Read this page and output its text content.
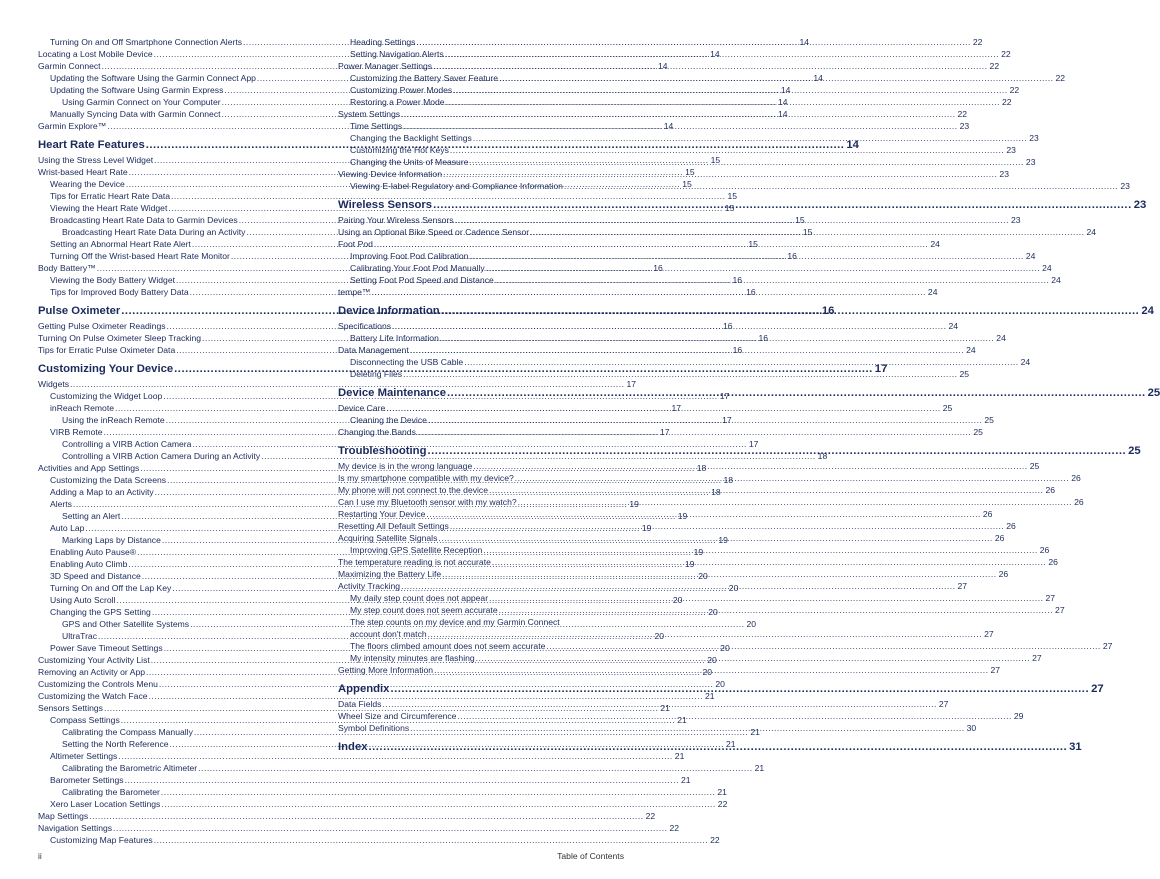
Turning On and Off Smartphone Connection Alerts .....	14
Locating a Lost Mobile Device .....	14
Garmin Connect .....	14
Updating the Software Using the Garmin Connect App .....	14
Updating the Software Using Garmin Express .....	14
Using Garmin Connect on Your Computer .....	14
Manually Syncing Data with Garmin Connect .....	14
Garmin Explore™ .....	14
Heart Rate Features .....	14
Using the Stress Level Widget .....	15
Wrist-based Heart Rate .....	15
Wearing the Device .....	15
Tips for Erratic Heart Rate Data .....	15
Viewing the Heart Rate Widget .....	15
Broadcasting Heart Rate Data to Garmin Devices .....	15
Broadcasting Heart Rate Data During an Activity .....	15
Setting an Abnormal Heart Rate Alert .....	15
Turning Off the Wrist-based Heart Rate Monitor .....	16
Body Battery™ .....	16
Viewing the Body Battery Widget .....	16
Tips for Improved Body Battery Data .....	16
Pulse Oximeter .....	16
Getting Pulse Oximeter Readings .....	16
Turning On Pulse Oximeter Sleep Tracking .....	16
Tips for Erratic Pulse Oximeter Data .....	16
Customizing Your Device .....	17
Widgets .....	17
Customizing the Widget Loop .....	17
inReach Remote .....	17
Using the inReach Remote .....	17
VIRB Remote .....	17
Controlling a VIRB Action Camera .....	17
Controlling a VIRB Action Camera During an Activity .....	18
Activities and App Settings .....	18
Customizing the Data Screens .....	18
Adding a Map to an Activity .....	18
Alerts .....	19
Setting an Alert .....	19
Auto Lap .....	19
Marking Laps by Distance .....	19
Enabling Auto Pause® .....	19
Enabling Auto Climb .....	19
3D Speed and Distance .....	20
Turning On and Off the Lap Key .....	20
Using Auto Scroll .....	20
Changing the GPS Setting .....	20
GPS and Other Satellite Systems .....	20
UltraTrac .....	20
Power Save Timeout Settings .....	20
Customizing Your Activity List .....	20
Removing an Activity or App .....	20
Customizing the Controls Menu .....	20
Customizing the Watch Face .....	21
Sensors Settings .....	21
Compass Settings .....	21
Calibrating the Compass Manually .....	21
Setting the North Reference .....	21
Altimeter Settings .....	21
Calibrating the Barometric Altimeter .....	21
Barometer Settings .....	21
Calibrating the Barometer .....	21
Xero Laser Location Settings .....	22
Map Settings .....	22
Navigation Settings .....	22
Customizing Map Features .....	22
Heading Settings .....	22
Setting Navigation Alerts .....	22
Power Manager Settings .....	22
Customizing the Battery Saver Feature .....	22
Customizing Power Modes .....	22
Restoring a Power Mode .....	22
System Settings .....	22
Time Settings .....	23
Changing the Backlight Settings .....	23
Customizing the Hot Keys .....	23
Changing the Units of Measure .....	23
Viewing Device Information .....	23
Viewing E-label Regulatory and Compliance Information .....	23
Wireless Sensors .....	23
Pairing Your Wireless Sensors .....	23
Using an Optional Bike Speed or Cadence Sensor .....	24
Foot Pod .....	24
Improving Foot Pod Calibration .....	24
Calibrating Your Foot Pod Manually .....	24
Setting Foot Pod Speed and Distance .....	24
tempe™ .....	24
Device Information .....	24
Specifications .....	24
Battery Life Information .....	24
Data Management .....	24
Disconnecting the USB Cable .....	24
Deleting Files .....	25
Device Maintenance .....	25
Device Care .....	25
Cleaning the Device .....	25
Changing the Bands .....	25
Troubleshooting .....	25
My device is in the wrong language .....	25
Is my smartphone compatible with my device? .....	26
My phone will not connect to the device .....	26
Can I use my Bluetooth sensor with my watch? .....	26
Restarting Your Device .....	26
Resetting All Default Settings .....	26
Acquiring Satellite Signals .....	26
Improving GPS Satellite Reception .....	26
The temperature reading is not accurate .....	26
Maximizing the Battery Life .....	26
Activity Tracking .....	27
My daily step count does not appear .....	27
My step count does not seem accurate .....	27
The step counts on my device and my Garmin Connect
account don't match .....	27
The floors climbed amount does not seem accurate .....	27
My intensity minutes are flashing .....	27
Getting More Information .....	27
Appendix .....	27
Data Fields .....	27
Wheel Size and Circumference .....	29
Symbol Definitions .....	30
Index .....	31
ii	Table of Contents
